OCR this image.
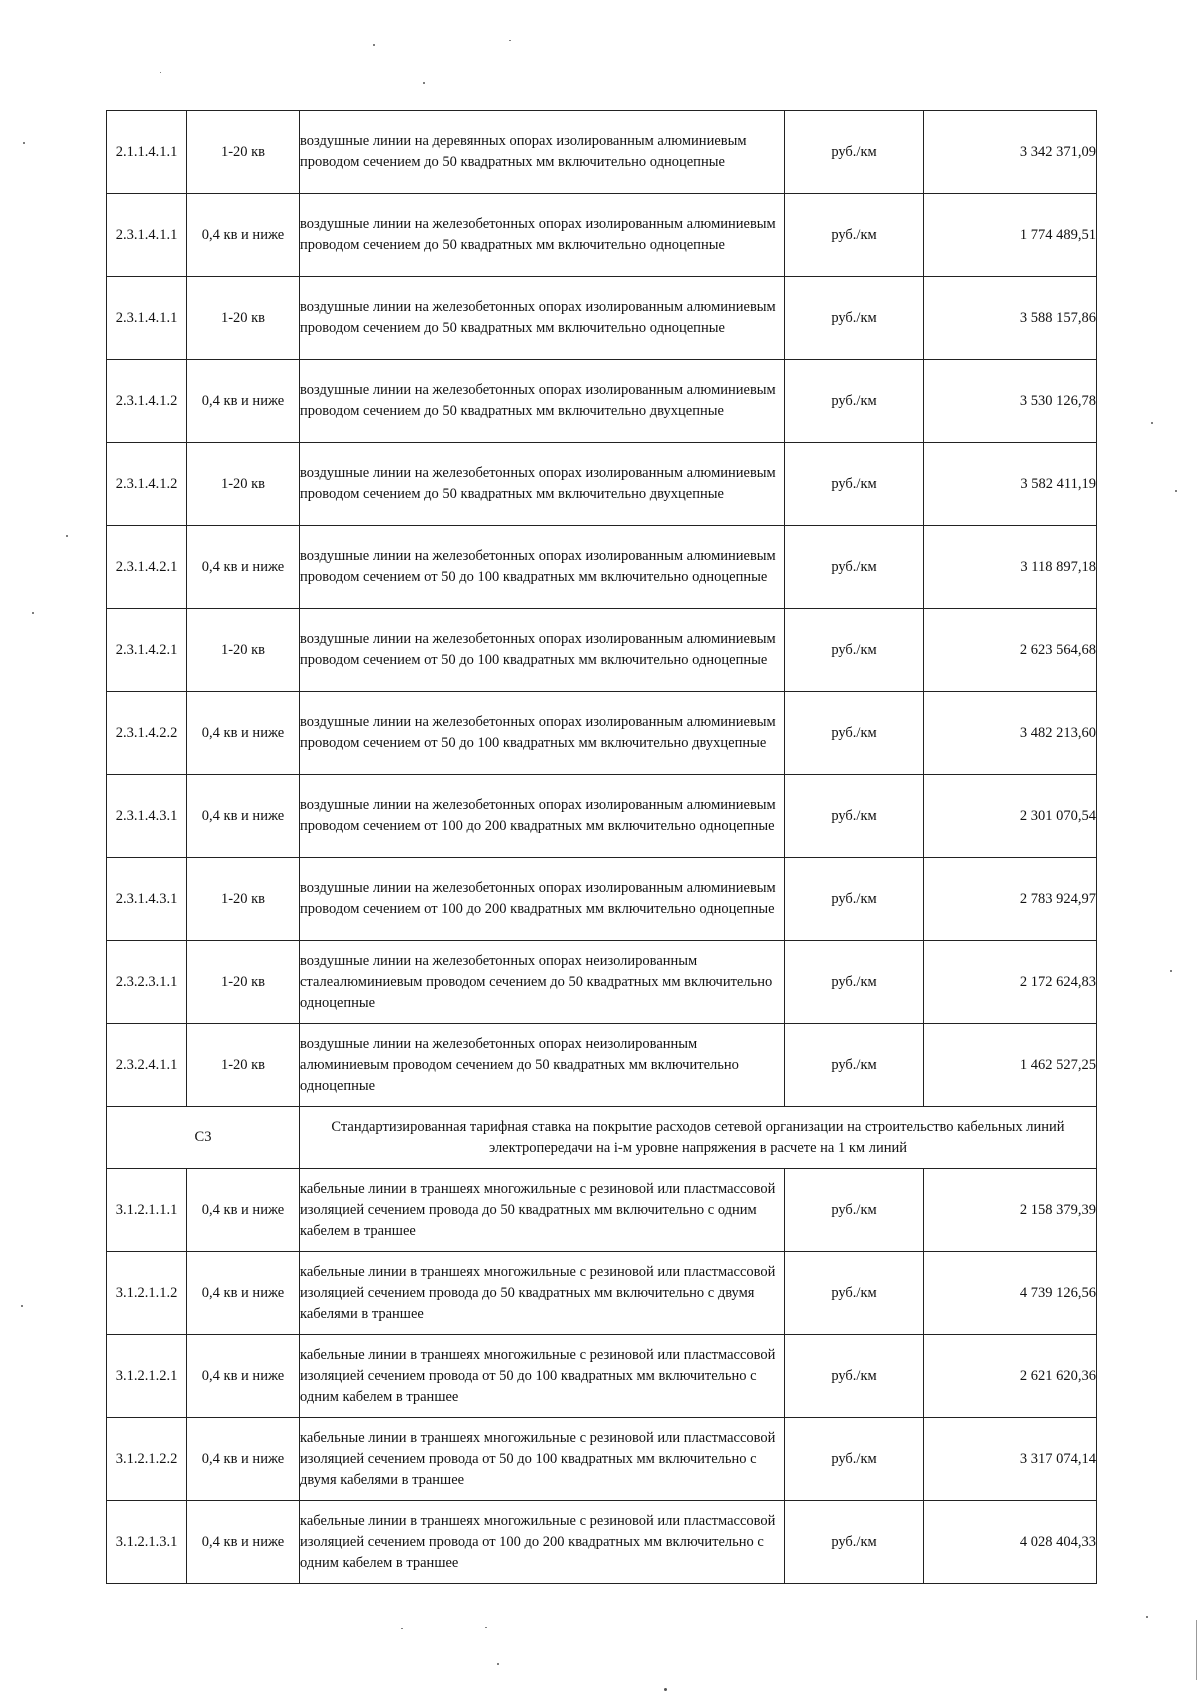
2.1.1.4.1.1	1-20 кв	воздушные линии на деревянных опорах изолированным алюминиевым проводом сечением до 50 квадратных мм включительно одноцепные	руб./км	3 342 371,09
2.3.1.4.1.1	0,4 кв и ниже	воздушные линии на железобетонных опорах изолированным алюминиевым проводом сечением до 50 квадратных мм включительно одноцепные	руб./км	1 774 489,51
2.3.1.4.1.1	1-20 кв	воздушные линии на железобетонных опорах изолированным алюминиевым проводом сечением до 50 квадратных мм включительно одноцепные	руб./км	3 588 157,86
2.3.1.4.1.2	0,4 кв и ниже	воздушные линии на железобетонных опорах изолированным алюминиевым проводом сечением до 50 квадратных мм включительно двухцепные	руб./км	3 530 126,78
2.3.1.4.1.2	1-20 кв	воздушные линии на железобетонных опорах изолированным алюминиевым проводом сечением до 50 квадратных мм включительно двухцепные	руб./км	3 582 411,19
2.3.1.4.2.1	0,4 кв и ниже	воздушные линии на железобетонных опорах изолированным алюминиевым проводом сечением от 50 до 100 квадратных мм включительно одноцепные	руб./км	3 118 897,18
2.3.1.4.2.1	1-20 кв	воздушные линии на железобетонных опорах изолированным алюминиевым проводом сечением от 50 до 100 квадратных мм включительно одноцепные	руб./км	2 623 564,68
2.3.1.4.2.2	0,4 кв и ниже	воздушные линии на железобетонных опорах изолированным алюминиевым проводом сечением от 50 до 100 квадратных мм включительно двухцепные	руб./км	3 482 213,60
2.3.1.4.3.1	0,4 кв и ниже	воздушные линии на железобетонных опорах изолированным алюминиевым проводом сечением от 100 до 200 квадратных мм включительно одноцепные	руб./км	2 301 070,54
2.3.1.4.3.1	1-20 кв	воздушные линии на железобетонных опорах изолированным алюминиевым проводом сечением от 100 до 200 квадратных мм включительно одноцепные	руб./км	2 783 924,97
2.3.2.3.1.1	1-20 кв	воздушные линии на железобетонных опорах неизолированным сталеалюминиевым проводом сечением до 50 квадратных мм включительно одноцепные	руб./км	2 172 624,83
2.3.2.4.1.1	1-20 кв	воздушные линии на железобетонных опорах неизолированным алюминиевым проводом сечением до 50 квадратных мм включительно одноцепные	руб./км	1 462 527,25
С3		Стандартизированная тарифная ставка на покрытие расходов сетевой организации на строительство кабельных линий электропередачи на i-м уровне напряжения в расчете на 1 км линий		
3.1.2.1.1.1	0,4 кв и ниже	кабельные линии в траншеях многожильные с резиновой или пластмассовой изоляцией сечением провода до 50 квадратных мм включительно с одним кабелем в траншее	руб./км	2 158 379,39
3.1.2.1.1.2	0,4 кв и ниже	кабельные линии в траншеях многожильные с резиновой или пластмассовой изоляцией сечением провода до 50 квадратных мм включительно с двумя кабелями в траншее	руб./км	4 739 126,56
3.1.2.1.2.1	0,4 кв и ниже	кабельные линии в траншеях многожильные с резиновой или пластмассовой изоляцией сечением провода от 50 до 100 квадратных мм включительно с одним кабелем в траншее	руб./км	2 621 620,36
3.1.2.1.2.2	0,4 кв и ниже	кабельные линии в траншеях многожильные с резиновой или пластмассовой изоляцией сечением провода от 50 до 100 квадратных мм включительно с двумя кабелями в траншее	руб./км	3 317 074,14
3.1.2.1.3.1	0,4 кв и ниже	кабельные линии в траншеях многожильные с резиновой или пластмассовой изоляцией сечением провода от 100 до 200 квадратных мм включительно с одним кабелем в траншее	руб./км	4 028 404,33
